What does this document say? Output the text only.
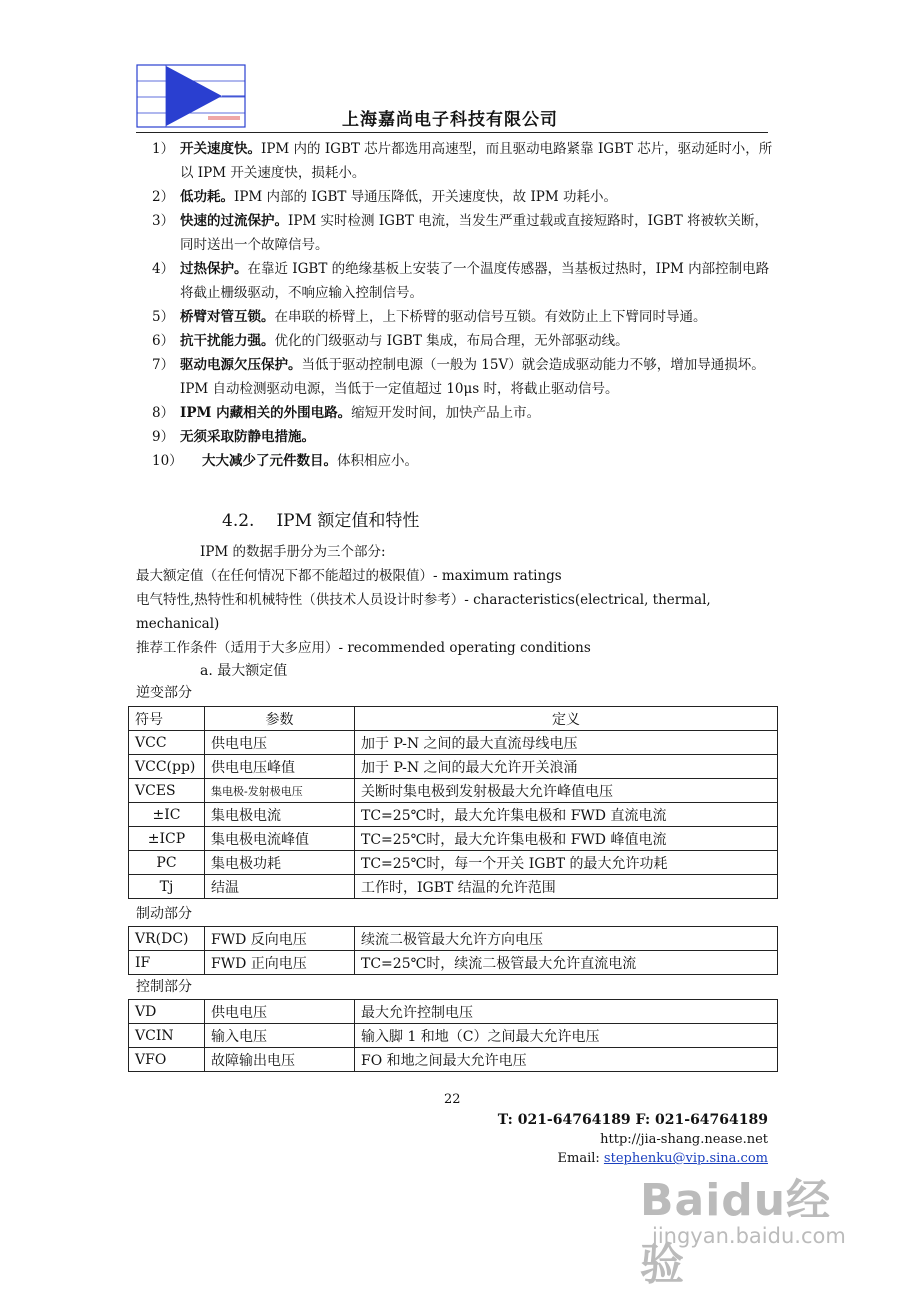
上海嘉尚电子科技有限公司
1） 开关速度快。IPM 内的 IGBT 芯片都选用高速型，而且驱动电路紧靠 IGBT 芯片，驱动延时小，所以 IPM 开关速度快，损耗小。
2） 低功耗。IPM 内部的 IGBT 导通压降低，开关速度快，故 IPM 功耗小。
3） 快速的过流保护。IPM 实时检测 IGBT 电流，当发生严重过载或直接短路时，IGBT 将被软关断，同时送出一个故障信号。
4） 过热保护。在靠近 IGBT 的绝缘基板上安装了一个温度传感器，当基板过热时，IPM 内部控制电路将截止栅级驱动，不响应输入控制信号。
5） 桥臂对管互锁。在串联的桥臂上，上下桥臂的驱动信号互锁。有效防止上下臂同时导通。
6） 抗干扰能力强。优化的门级驱动与 IGBT 集成，布局合理，无外部驱动线。
7） 驱动电源欠压保护。当低于驱动控制电源（一般为 15V）就会造成驱动能力不够，增加导通损坏。IPM 自动检测驱动电源，当低于一定值超过 10μs 时，将截止驱动信号。
8） IPM 内藏相关的外围电路。缩短开发时间，加快产品上市。
9） 无须采取防静电措施。
10）	大大减少了元件数目。体积相应小。
4.2. IPM 额定值和特性
IPM 的数据手册分为三个部分:
最大额定值（在任何情况下都不能超过的极限值）- maximum ratings
电气特性,热特性和机械特性（供技术人员设计时参考）- characteristics(electrical, thermal, mechanical)
推荐工作条件（适用于大多应用）- recommended operating conditions
a. 最大额定值
逆变部分
符号	参数	定义
VCC	供电电压	加于 P-N 之间的最大直流母线电压
VCC(pp)	供电电压峰值	加于 P-N 之间的最大允许开关浪涌
VCES	集电极-发射极电压	关断时集电极到发射极最大允许峰值电压
±IC	集电极电流	TC=25℃时，最大允许集电极和 FWD 直流电流
±ICP	集电极电流峰值	TC=25℃时，最大允许集电极和 FWD 峰值电流
PC	集电极功耗	TC=25℃时，每一个开关 IGBT 的最大允许功耗
Tj	结温	工作时，IGBT 结温的允许范围
制动部分
VR(DC)	FWD 反向电压	续流二极管最大允许方向电压
IF	FWD 正向电压	TC=25℃时，续流二极管最大允许直流电流
控制部分
VD	供电电压	最大允许控制电压
VCIN	输入电压	输入脚 1 和地（C）之间最大允许电压
VFO	故障输出电压	FO 和地之间最大允许电压
22
T: 021-64764189 F: 021-64764189
http://jia-shang.nease.net
Email: stephenku@vip.sina.com
Baidu经验
jingyan.baidu.com
